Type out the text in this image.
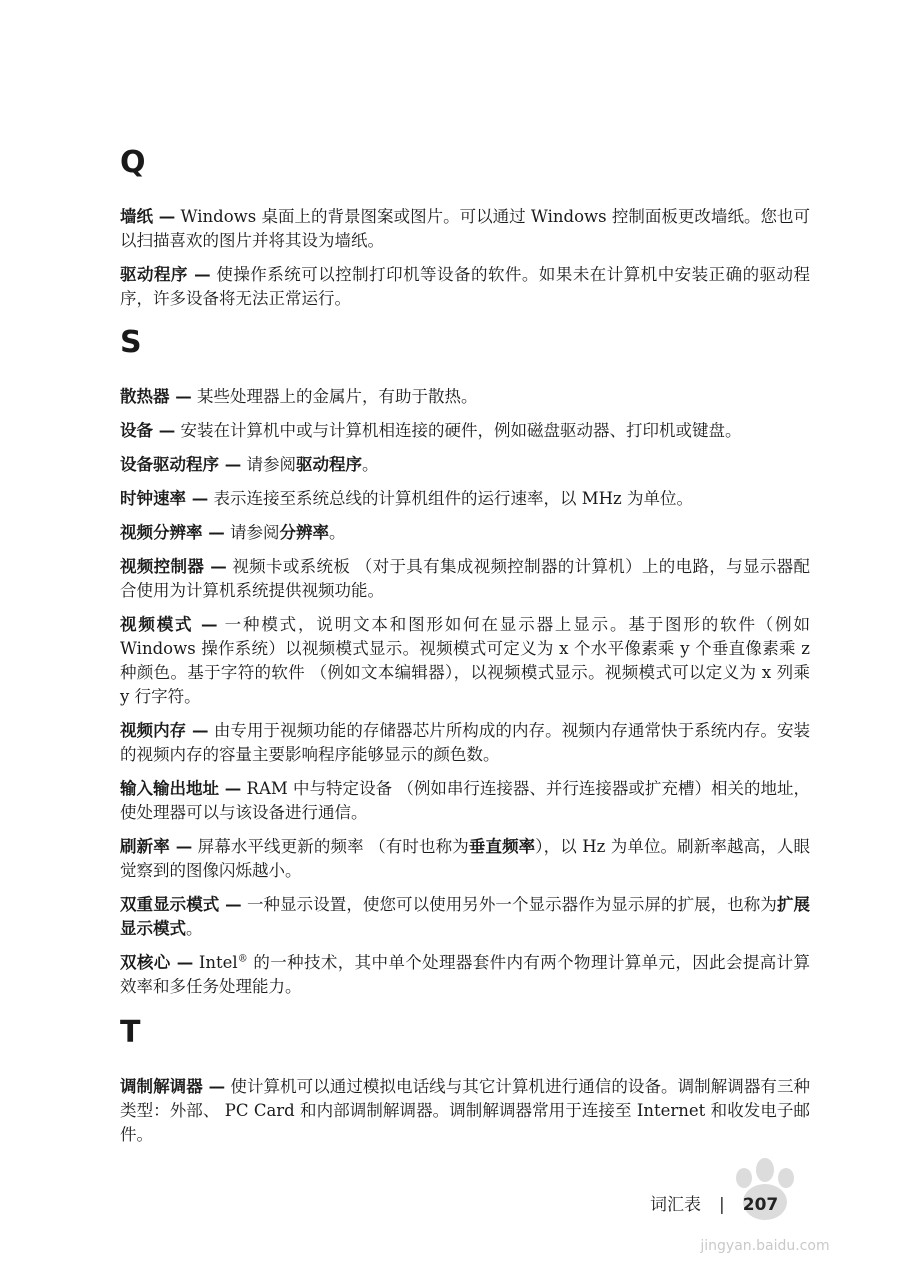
Q

墙纸 — Windows 桌面上的背景图案或图片。可以通过 Windows 控制面板更改墙纸。您也可以扫描喜欢的图片并将其设为墙纸。

驱动程序 — 使操作系统可以控制打印机等设备的软件。如果未在计算机中安装正确的驱动程序，许多设备将无法正常运行。

S

散热器 — 某些处理器上的金属片，有助于散热。

设备 — 安装在计算机中或与计算机相连接的硬件，例如磁盘驱动器、打印机或键盘。

设备驱动程序 — 请参阅驱动程序。

时钟速率 — 表示连接至系统总线的计算机组件的运行速率，以 MHz 为单位。

视频分辨率 — 请参阅分辨率。

视频控制器 — 视频卡或系统板 （对于具有集成视频控制器的计算机）上的电路，与显示器配合使用为计算机系统提供视频功能。

视频模式 — 一种模式，说明文本和图形如何在显示器上显示。基于图形的软件（例如 Windows 操作系统）以视频模式显示。视频模式可定义为 x 个水平像素乘 y 个垂直像素乘 z 种颜色。基于字符的软件 （例如文本编辑器），以视频模式显示。视频模式可以定义为 x 列乘 y 行字符。

视频内存 — 由专用于视频功能的存储器芯片所构成的内存。视频内存通常快于系统内存。安装的视频内存的容量主要影响程序能够显示的颜色数。

输入输出地址 — RAM 中与特定设备 （例如串行连接器、并行连接器或扩充槽）相关的地址，使处理器可以与该设备进行通信。

刷新率 — 屏幕水平线更新的频率 （有时也称为垂直频率），以 Hz 为单位。刷新率越高，人眼觉察到的图像闪烁越小。

双重显示模式 — 一种显示设置，使您可以使用另外一个显示器作为显示屏的扩展，也称为扩展显示模式。

双核心 — Intel® 的一种技术，其中单个处理器套件内有两个物理计算单元，因此会提高计算效率和多任务处理能力。

T

调制解调器 — 使计算机可以通过模拟电话线与其它计算机进行通信的设备。调制解调器有三种类型：外部、 PC Card 和内部调制解调器。调制解调器常用于连接至 Internet 和收发电子邮件。

jingyan.baidu.com
词汇表 | 207
